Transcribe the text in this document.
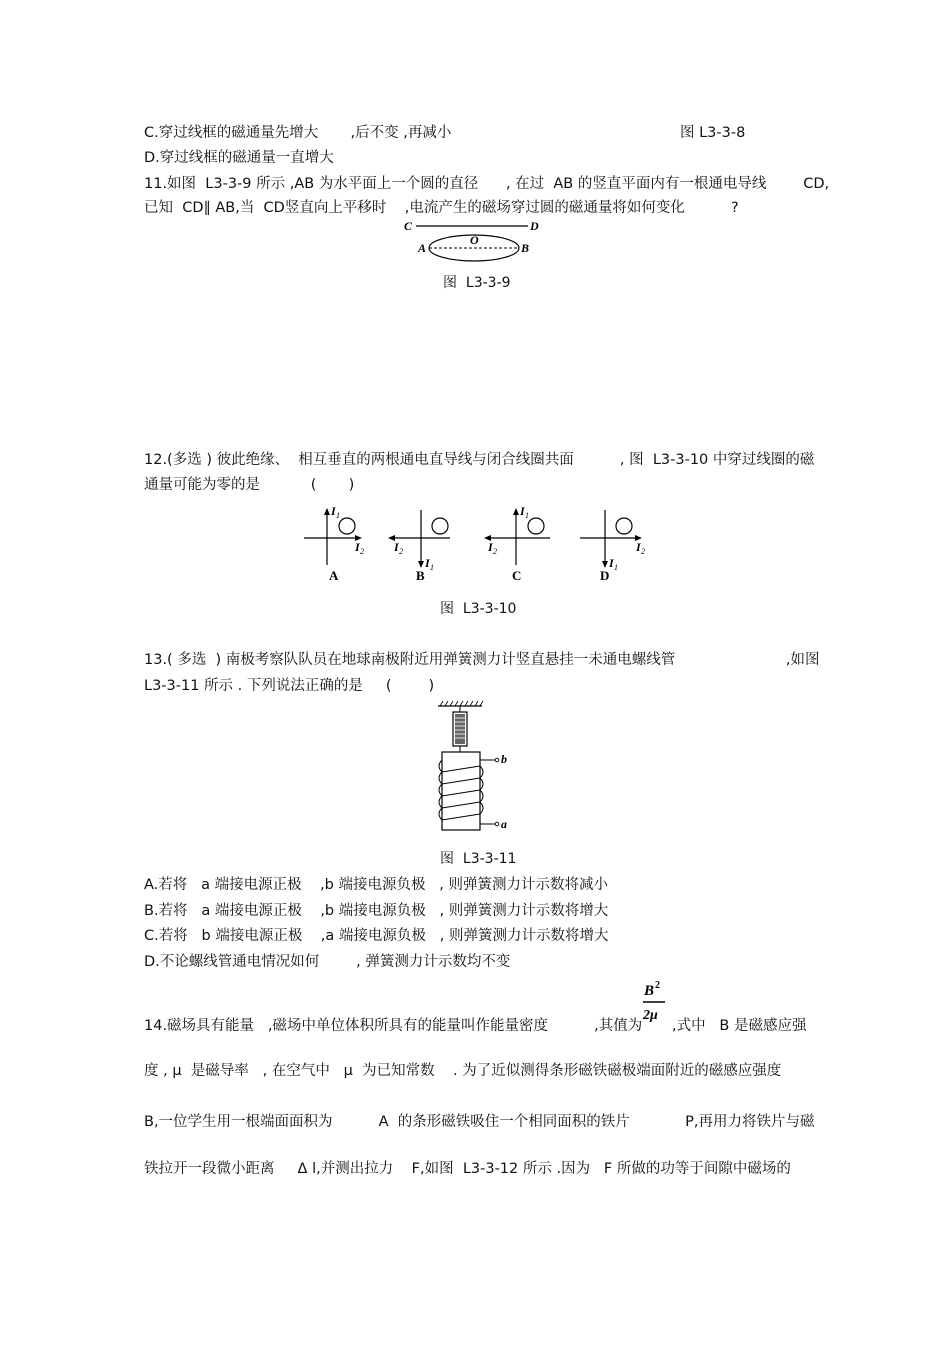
C.穿过线框的磁通量先增大       ,后不变 ,再减小	图 L3-3-8
D.穿过线框的磁通量一直增大
11.如图  L3-3-9 所示 ,AB 为水平面上一个圆的直径      , 在过  AB 的竖直平面内有一根通电导线        CD,
已知  CD∥ AB,当  CD竖直向上平移时    ,电流产生的磁场穿过圆的磁通量将如何变化          ?
C	D
A	B
O
图  L3-3-9
12.(多选 ) 彼此绝缘、  相互垂直的两根通电直导线与闭合线圈共面          , 图  L3-3-10 中穿过线圈的磁
通量可能为零的是           (       )
I 1
I 2
A
I 2
I 1
B
I 1
I 2
C
I 2
I 1
D
图  L3-3-10
13.( 多选  ) 南极考察队队员在地球南极附近用弹簧测力计竖直悬挂一未通电螺线管                        ,如图
L3-3-11 所示 . 下列说法正确的是     (        )
b
a
图  L3-3-11
A.若将   a 端接电源正极    ,b 端接电源负极   , 则弹簧测力计示数将减小
B.若将   a 端接电源正极    ,b 端接电源负极   , 则弹簧测力计示数将增大
C.若将   b 端接电源正极    ,a 端接电源负极   , 则弹簧测力计示数将增大
D.不论螺线管通电情况如何        , 弹簧测力计示数均不变
14.磁场具有能量   ,磁场中单位体积所具有的能量叫作能量密度          ,其值为
B 2
2μ
,式中   B 是磁感应强
度 , μ  是磁导率   , 在空气中   μ  为已知常数    . 为了近似测得条形磁铁磁极端面附近的磁感应强度
B,一位学生用一根端面面积为          A  的条形磁铁吸住一个相同面积的铁片            P,再用力将铁片与磁
铁拉开一段微小距离     Δ l,并测出拉力    F,如图  L3-3-12 所示 .因为   F 所做的功等于间隙中磁场的
